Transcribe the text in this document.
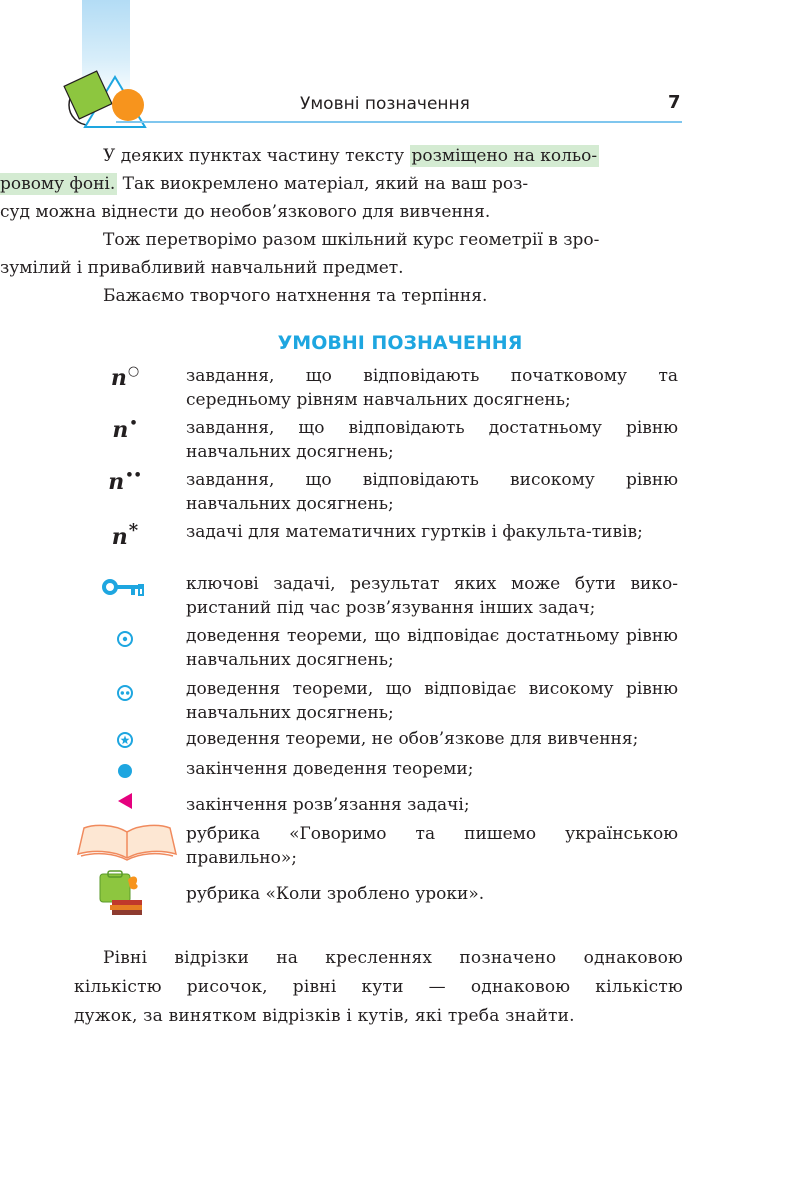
Умовні позначення	7

У деяких пунктах частину тексту розміщено на кольо-
ровому фоні. Так виокремлено матеріал, який на ваш роз-
суд можна віднести до необов’язкового для вивчення.

Тож перетворімо разом шкільний курс геометрії в зро-
зумілий і привабливий навчальний предмет.

Бажаємо творчого натхнення та терпіння.

УМОВНІ ПОЗНАЧЕННЯ
n○	завдання, що відповідають початковому та середньому рівням навчальних досягнень;
n•	завдання, що відповідають достатньому рівню навчальних досягнень;
n••	завдання, що відповідають високому рівню навчальних досягнень;
n*	задачі для математичних гуртків і факульта-тивів;
ключові задачі, результат яких може бути вико-ристаний під час розв’язування інших задач;
доведення теореми, що відповідає достатньому рівню навчальних досягнень;
доведення теореми, що відповідає високому рівню навчальних досягнень;
доведення теореми, не обов’язкове для вивчення;
закінчення доведення теореми;
закінчення розв’язання задачі;
рубрика «Говоримо та пишемо українською правильно»;
рубрика «Коли зроблено уроки».

Рівні відрізки на кресленнях позначено однаковою

кількістю рисочок, рівні кути — однаковою кількістю

дужок, за винятком відрізків і кутів, які треба знайти.
